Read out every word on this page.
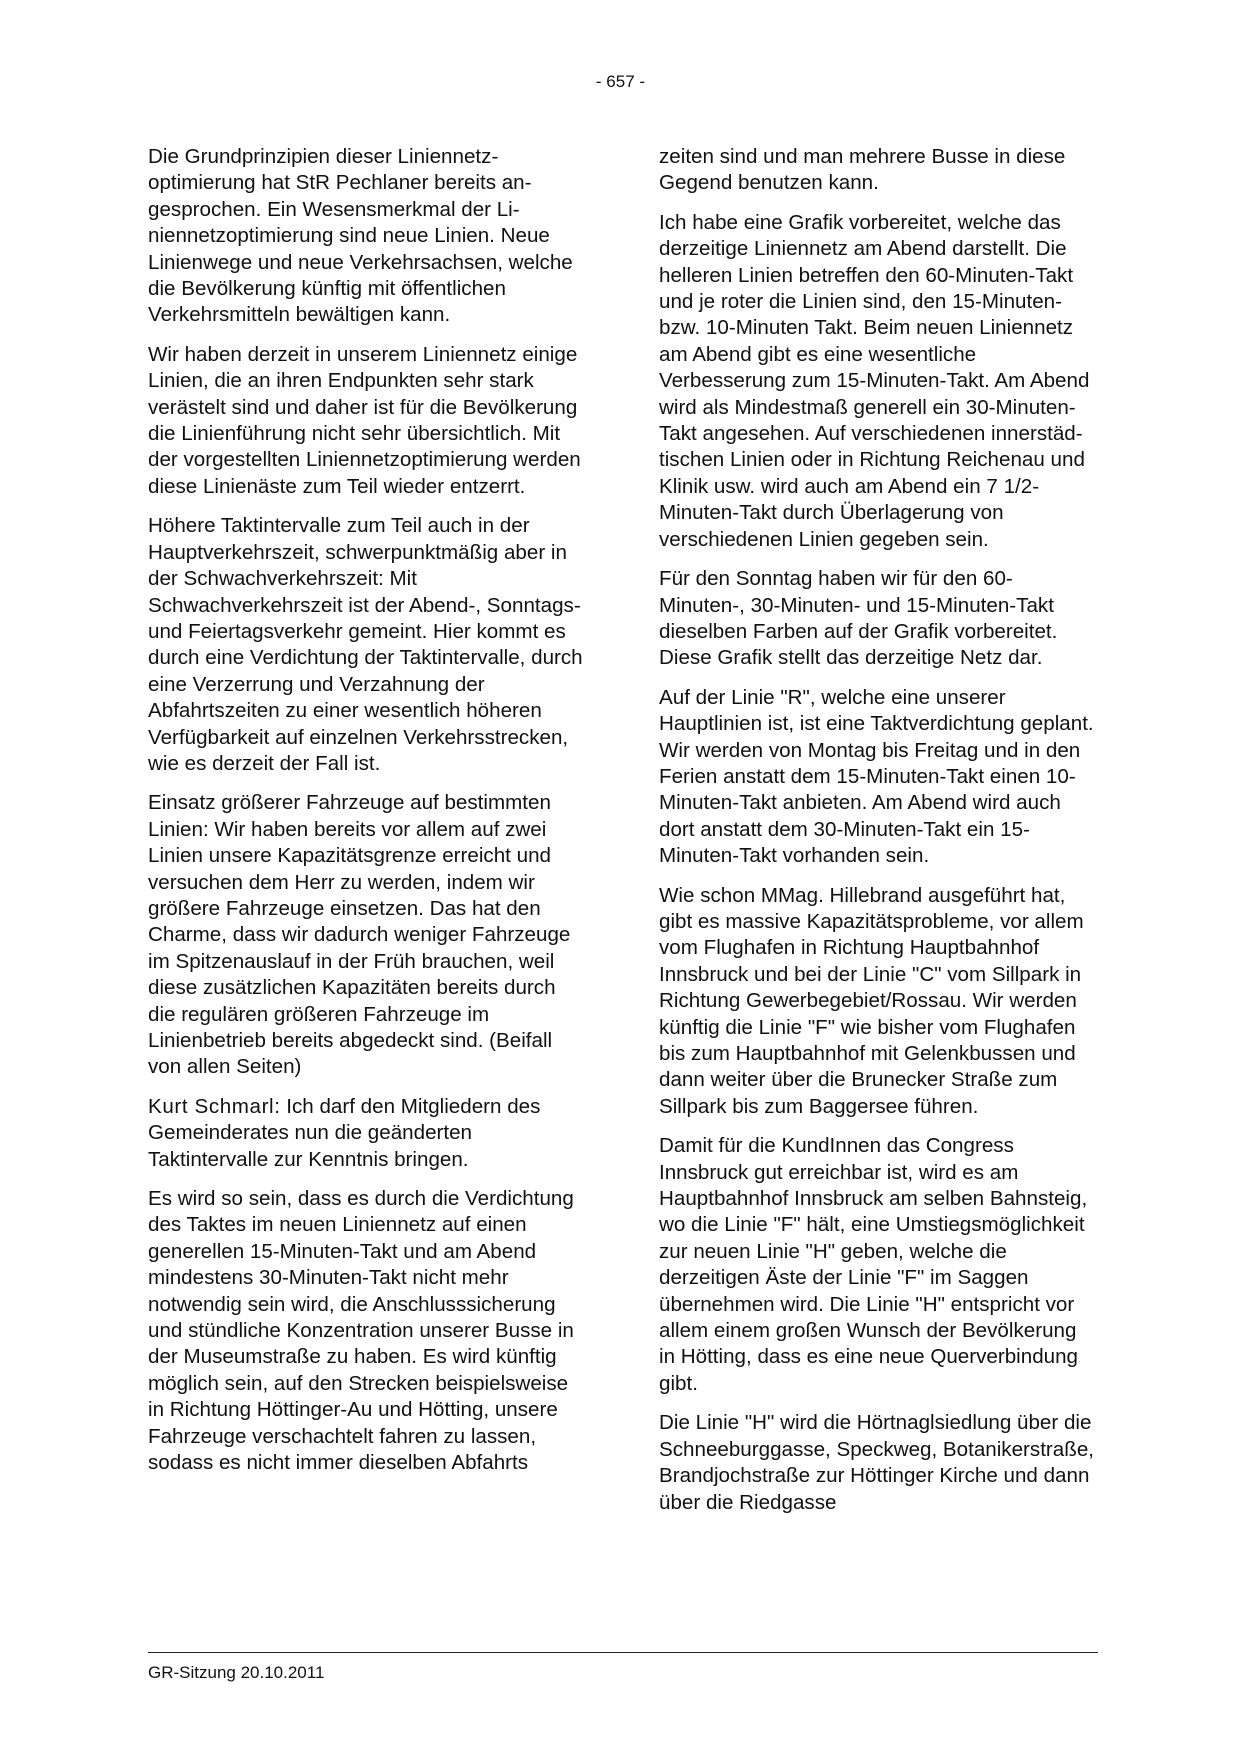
- 657 -

Die Grundprinzipien dieser Liniennetzoptimierung hat StR Pechlaner bereits angesprochen. Ein Wesensmerkmal der Liniennetzoptimierung sind neue Linien. Neue Linienwege und neue Verkehrsachsen, welche die Bevölkerung künftig mit öffentlichen Verkehrsmitteln bewältigen kann.

Wir haben derzeit in unserem Liniennetz einige Linien, die an ihren Endpunkten sehr stark verästelt sind und daher ist für die Bevölkerung die Linienführung nicht sehr übersichtlich. Mit der vorgestellten Liniennetzoptimierung werden diese Linienäste zum Teil wieder entzerrt.

Höhere Taktintervalle zum Teil auch in der Hauptverkehrszeit, schwerpunktmäßig aber in der Schwachverkehrszeit: Mit Schwachverkehrszeit ist der Abend-, Sonntags- und Feiertagsverkehr gemeint. Hier kommt es durch eine Verdichtung der Taktintervalle, durch eine Verzerrung und Verzahnung der Abfahrtszeiten zu einer wesentlich höheren Verfügbarkeit auf einzelnen Verkehrsstrecken, wie es derzeit der Fall ist.

Einsatz größerer Fahrzeuge auf bestimmten Linien: Wir haben bereits vor allem auf zwei Linien unsere Kapazitätsgrenze erreicht und versuchen dem Herr zu werden, indem wir größere Fahrzeuge einsetzen. Das hat den Charme, dass wir dadurch weniger Fahrzeuge im Spitzenauslauf in der Früh brauchen, weil diese zusätzlichen Kapazitäten bereits durch die regulären größeren Fahrzeuge im Linienbetrieb bereits abgedeckt sind. (Beifall von allen Seiten)

Kurt Schmarl: Ich darf den Mitgliedern des Gemeinderates nun die geänderten Taktintervalle zur Kenntnis bringen.

Es wird so sein, dass es durch die Verdichtung des Taktes im neuen Liniennetz auf einen generellen 15-Minuten-Takt und am Abend mindestens 30-Minuten-Takt nicht mehr notwendig sein wird, die Anschlusssicherung und stündliche Konzentration unserer Busse in der Museumstraße zu haben. Es wird künftig möglich sein, auf den Strecken beispielsweise in Richtung Höttinger-Au und Hötting, unsere Fahrzeuge verschachtelt fahren zu lassen, sodass es nicht immer dieselben Abfahrts

zeiten sind und man mehrere Busse in diese Gegend benutzen kann.

Ich habe eine Grafik vorbereitet, welche das derzeitige Liniennetz am Abend darstellt. Die helleren Linien betreffen den 60-Minuten-Takt und je roter die Linien sind, den 15-Minuten- bzw. 10-Minuten Takt. Beim neuen Liniennetz am Abend gibt es eine wesentliche Verbesserung zum 15-Minuten-Takt. Am Abend wird als Mindestmaß generell ein 30-Minuten-Takt angesehen. Auf verschiedenen innerstädtischen Linien oder in Richtung Reichenau und Klinik usw. wird auch am Abend ein 7 1/2-Minuten-Takt durch Überlagerung von verschiedenen Linien gegeben sein.

Für den Sonntag haben wir für den 60-Minuten-, 30-Minuten- und 15-Minuten-Takt dieselben Farben auf der Grafik vorbereitet. Diese Grafik stellt das derzeitige Netz dar.

Auf der Linie "R", welche eine unserer Hauptlinien ist, ist eine Taktverdichtung geplant. Wir werden von Montag bis Freitag und in den Ferien anstatt dem 15-Minuten-Takt einen 10-Minuten-Takt anbieten. Am Abend wird auch dort anstatt dem 30-Minuten-Takt ein 15-Minuten-Takt vorhanden sein.

Wie schon MMag. Hillebrand ausgeführt hat, gibt es massive Kapazitätsprobleme, vor allem vom Flughafen in Richtung Hauptbahnhof Innsbruck und bei der Linie "C" vom Sillpark in Richtung Gewerbegebiet/Rossau. Wir werden künftig die Linie "F" wie bisher vom Flughafen bis zum Hauptbahnhof mit Gelenkbussen und dann weiter über die Brunecker Straße zum Sillpark bis zum Baggersee führen.

Damit für die KundInnen das Congress Innsbruck gut erreichbar ist, wird es am Hauptbahnhof Innsbruck am selben Bahnsteig, wo die Linie "F" hält, eine Umstiegsmöglichkeit zur neuen Linie "H" geben, welche die derzeitigen Äste der Linie "F" im Saggen übernehmen wird. Die Linie "H" entspricht vor allem einem großen Wunsch der Bevölkerung in Hötting, dass es eine neue Querverbindung gibt.

Die Linie "H" wird die Hörtnaglsiedlung über die Schneeburggasse, Speckweg, Botanikerstraße, Brandjochstraße zur Höttinger Kirche und dann über die Riedgasse

GR-Sitzung 20.10.2011
